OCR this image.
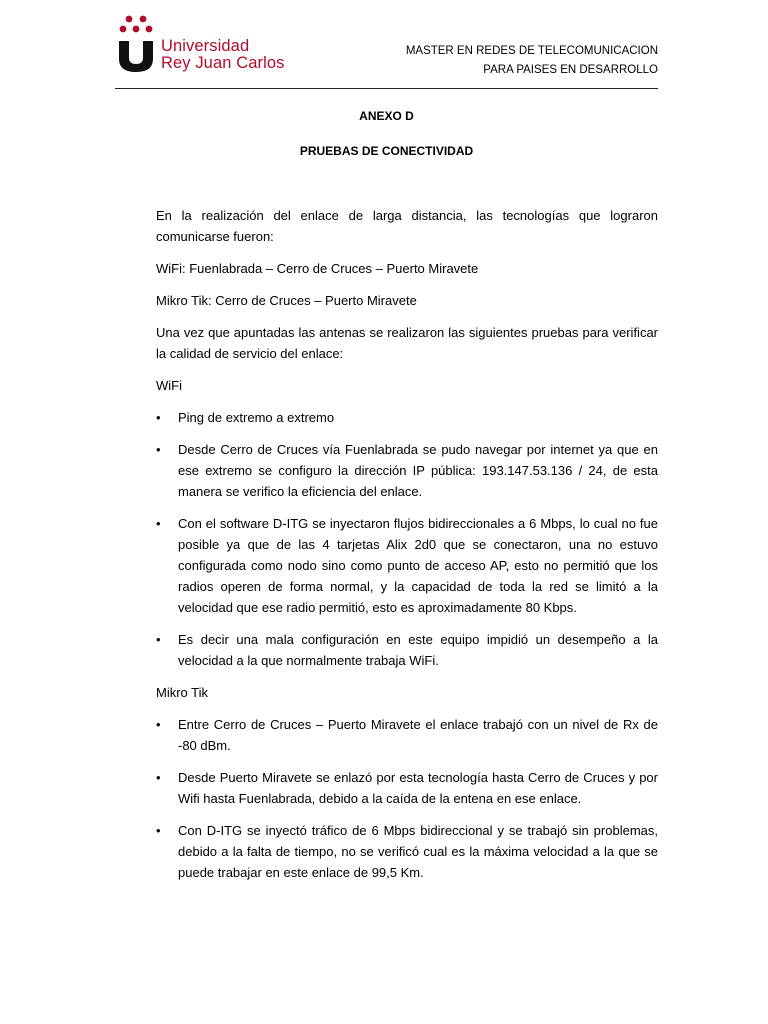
Universidad
Rey Juan Carlos
MASTER EN REDES DE TELECOMUNICACION
PARA PAISES EN DESARROLLO
ANEXO D
PRUEBAS DE CONECTIVIDAD

En la realización del enlace de larga distancia, las tecnologías que lograron comunicarse fueron:

WiFi: Fuenlabrada – Cerro de Cruces – Puerto Miravete

Mikro Tik: Cerro de Cruces – Puerto Miravete

Una vez que apuntadas las antenas se realizaron las siguientes pruebas para verificar la calidad de servicio del enlace:

WiFi

• Ping de extremo a extremo
• Desde Cerro de Cruces vía Fuenlabrada se pudo navegar por internet ya que en ese extremo se configuro la dirección IP pública: 193.147.53.136 / 24, de esta manera se verifico la eficiencia del enlace.
• Con el software D-ITG se inyectaron flujos bidireccionales a 6 Mbps, lo cual no fue posible ya que de las 4 tarjetas Alix 2d0 que se conectaron, una no estuvo configurada como nodo sino como punto de acceso AP, esto no permitió que los radios operen de forma normal, y la capacidad de toda la red se limitó a la velocidad que ese radio permitió, esto es aproximadamente 80 Kbps.
• Es decir una mala configuración en este equipo impidió un desempeño a la velocidad a la que normalmente trabaja WiFi.

Mikro Tik

• Entre Cerro de Cruces – Puerto Miravete el enlace trabajó con un nivel de Rx de -80 dBm.
• Desde Puerto Miravete se enlazó por esta tecnología hasta Cerro de Cruces y por Wifi hasta Fuenlabrada, debido a la caída de la entena en ese enlace.
• Con D-ITG se inyectó tráfico de 6 Mbps bidireccional y se trabajó sin problemas, debido a la falta de tiempo, no se verificó cual es la máxima velocidad a la que se puede trabajar en este enlace de 99,5 Km.
